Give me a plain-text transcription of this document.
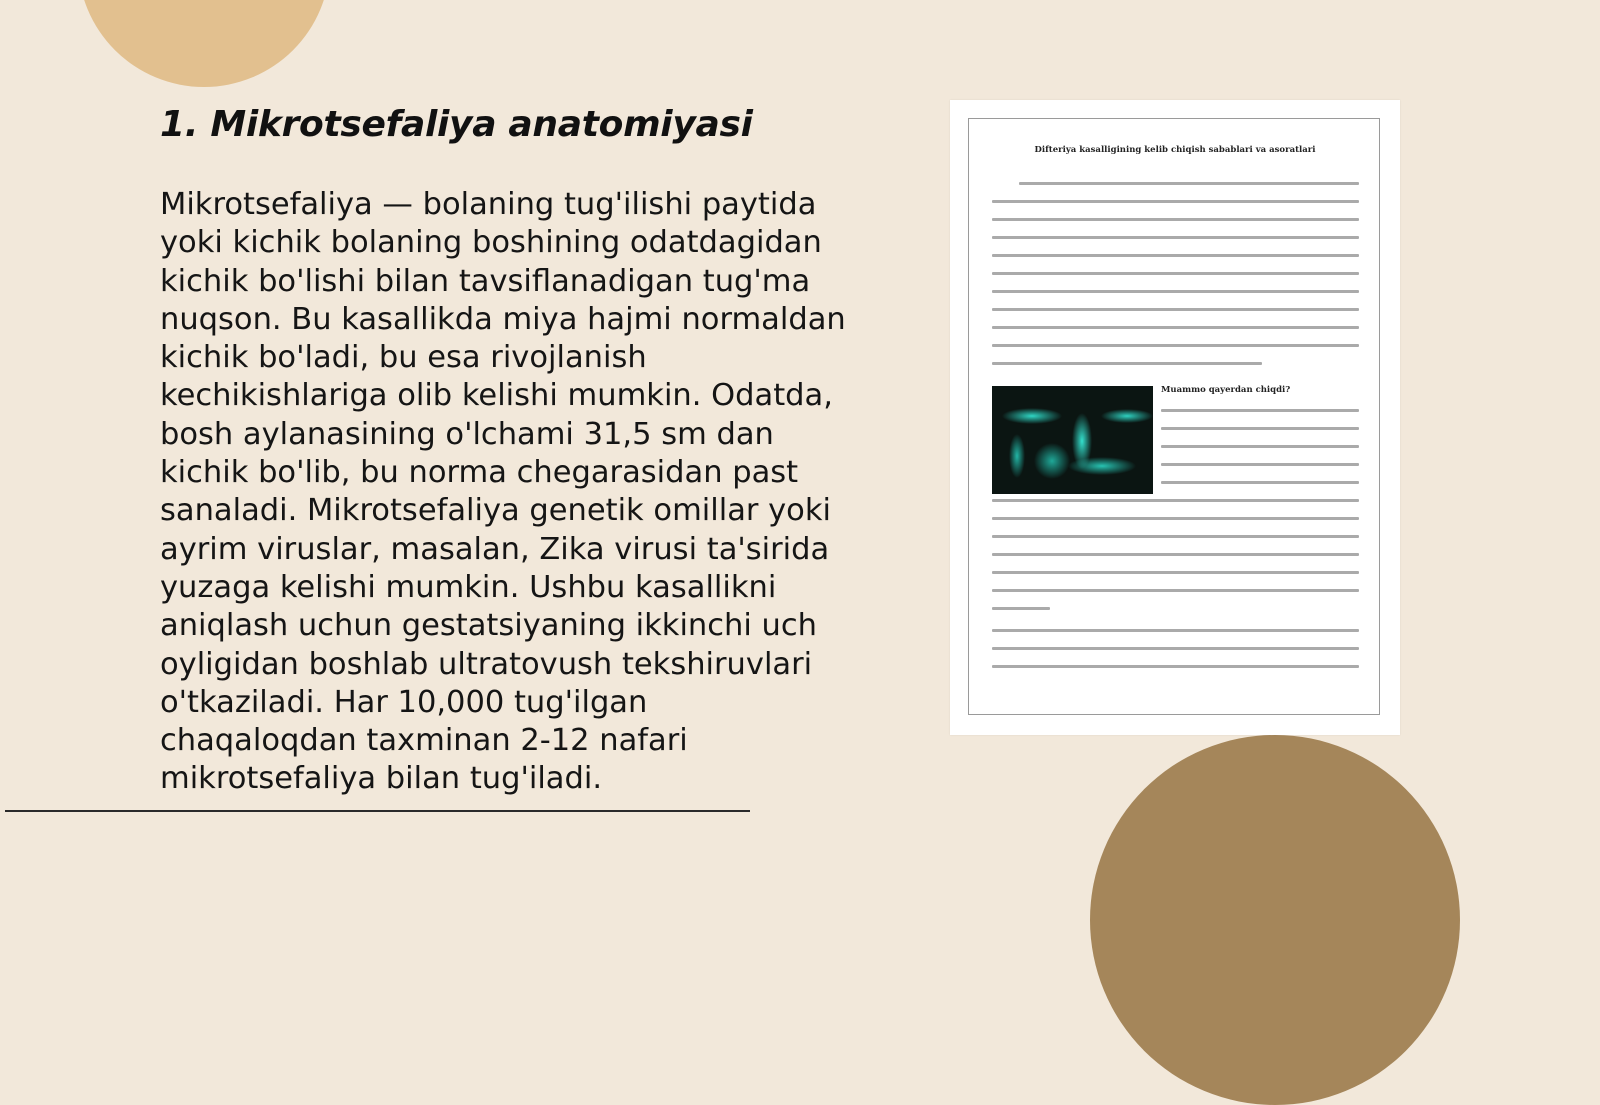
1. Mikrotsefaliya anatomiyasi

Mikrotsefaliya — bolaning tug'ilishi paytida yoki kichik bolaning boshining odatdagidan kichik bo'lishi bilan tavsiflanadigan tug'ma nuqson. Bu kasallikda miya hajmi normaldan kichik bo'ladi, bu esa rivojlanish kechikishlariga olib kelishi mumkin. Odatda, bosh aylanasining o'lchami 31,5 sm dan kichik bo'lib, bu norma chegarasidan past sanaladi. Mikrotsefaliya genetik omillar yoki ayrim viruslar, masalan, Zika virusi ta'sirida yuzaga kelishi mumkin. Ushbu kasallikni aniqlash uchun gestatsiyaning ikkinchi uch oyligidan boshlab ultratovush tekshiruvlari o'tkaziladi. Har 10,000 tug'ilgan chaqaloqdan taxminan 2-12 nafari mikrotsefaliya bilan tug'iladi.

Difteriya kasalligining kelib chiqish sabablari va asoratlari
Muammo qayerdan chiqdi?
